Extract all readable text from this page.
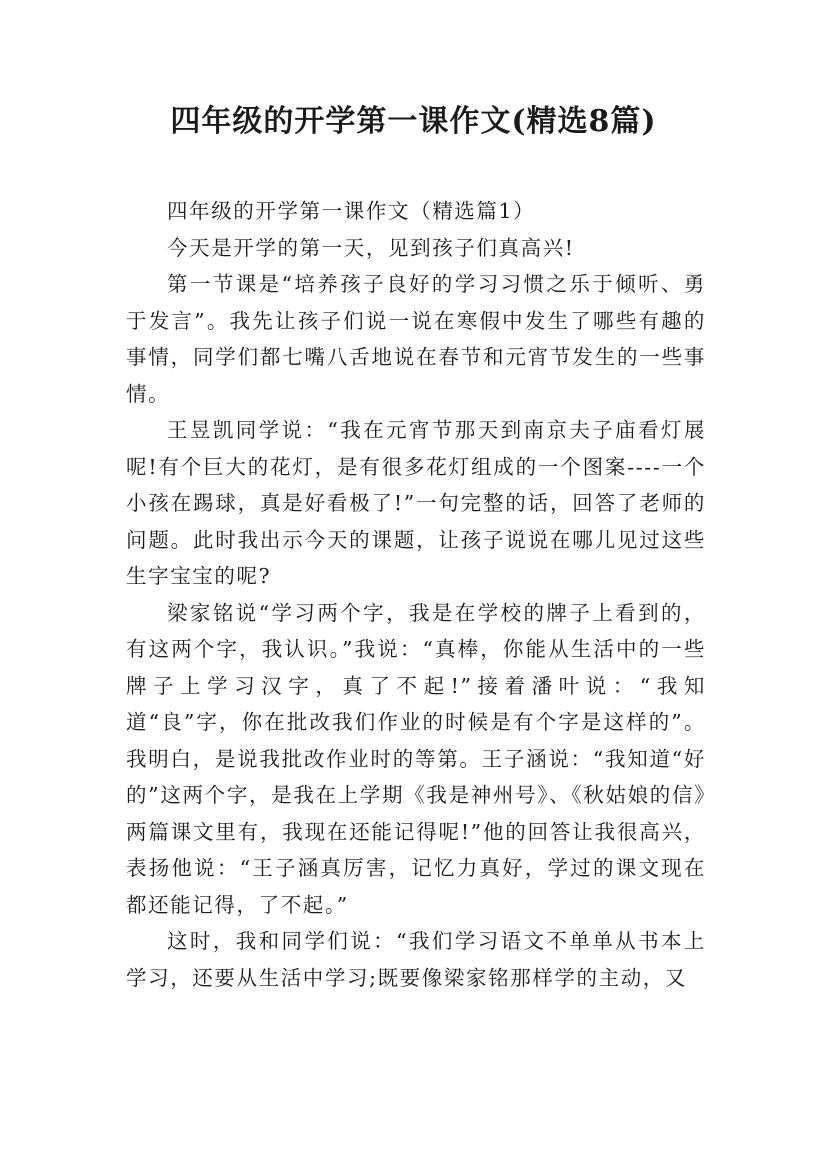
四年级的开学第一课作文(精选8篇)

四年级的开学第一课作文（精选篇1）

今天是开学的第一天，见到孩子们真高兴!

第一节课是“培养孩子良好的学习习惯之乐于倾听、勇于发言”。我先让孩子们说一说在寒假中发生了哪些有趣的事情，同学们都七嘴八舌地说在春节和元宵节发生的一些事情。

王昱凯同学说：“我在元宵节那天到南京夫子庙看灯展呢!有个巨大的花灯，是有很多花灯组成的一个图案----一个小孩在踢球，真是好看极了!”一句完整的话，回答了老师的问题。此时我出示今天的课题，让孩子说说在哪儿见过这些生字宝宝的呢?

梁家铭说“学习两个字，我是在学校的牌子上看到的，有这两个字，我认识。”我说：“真棒，你能从生活中的一些牌子上学习汉字，真了不起!”接着潘叶说：“我知道“良”字，你在批改我们作业的时候是有个字是这样的”。我明白，是说我批改作业时的等第。王子涵说：“我知道“好的”这两个字，是我在上学期《我是神州号》、《秋姑娘的信》两篇课文里有，我现在还能记得呢!”他的回答让我很高兴，表扬他说：“王子涵真厉害，记忆力真好，学过的课文现在都还能记得，了不起。”

这时，我和同学们说：“我们学习语文不单单从书本上学习，还要从生活中学习;既要像梁家铭那样学的主动，又
